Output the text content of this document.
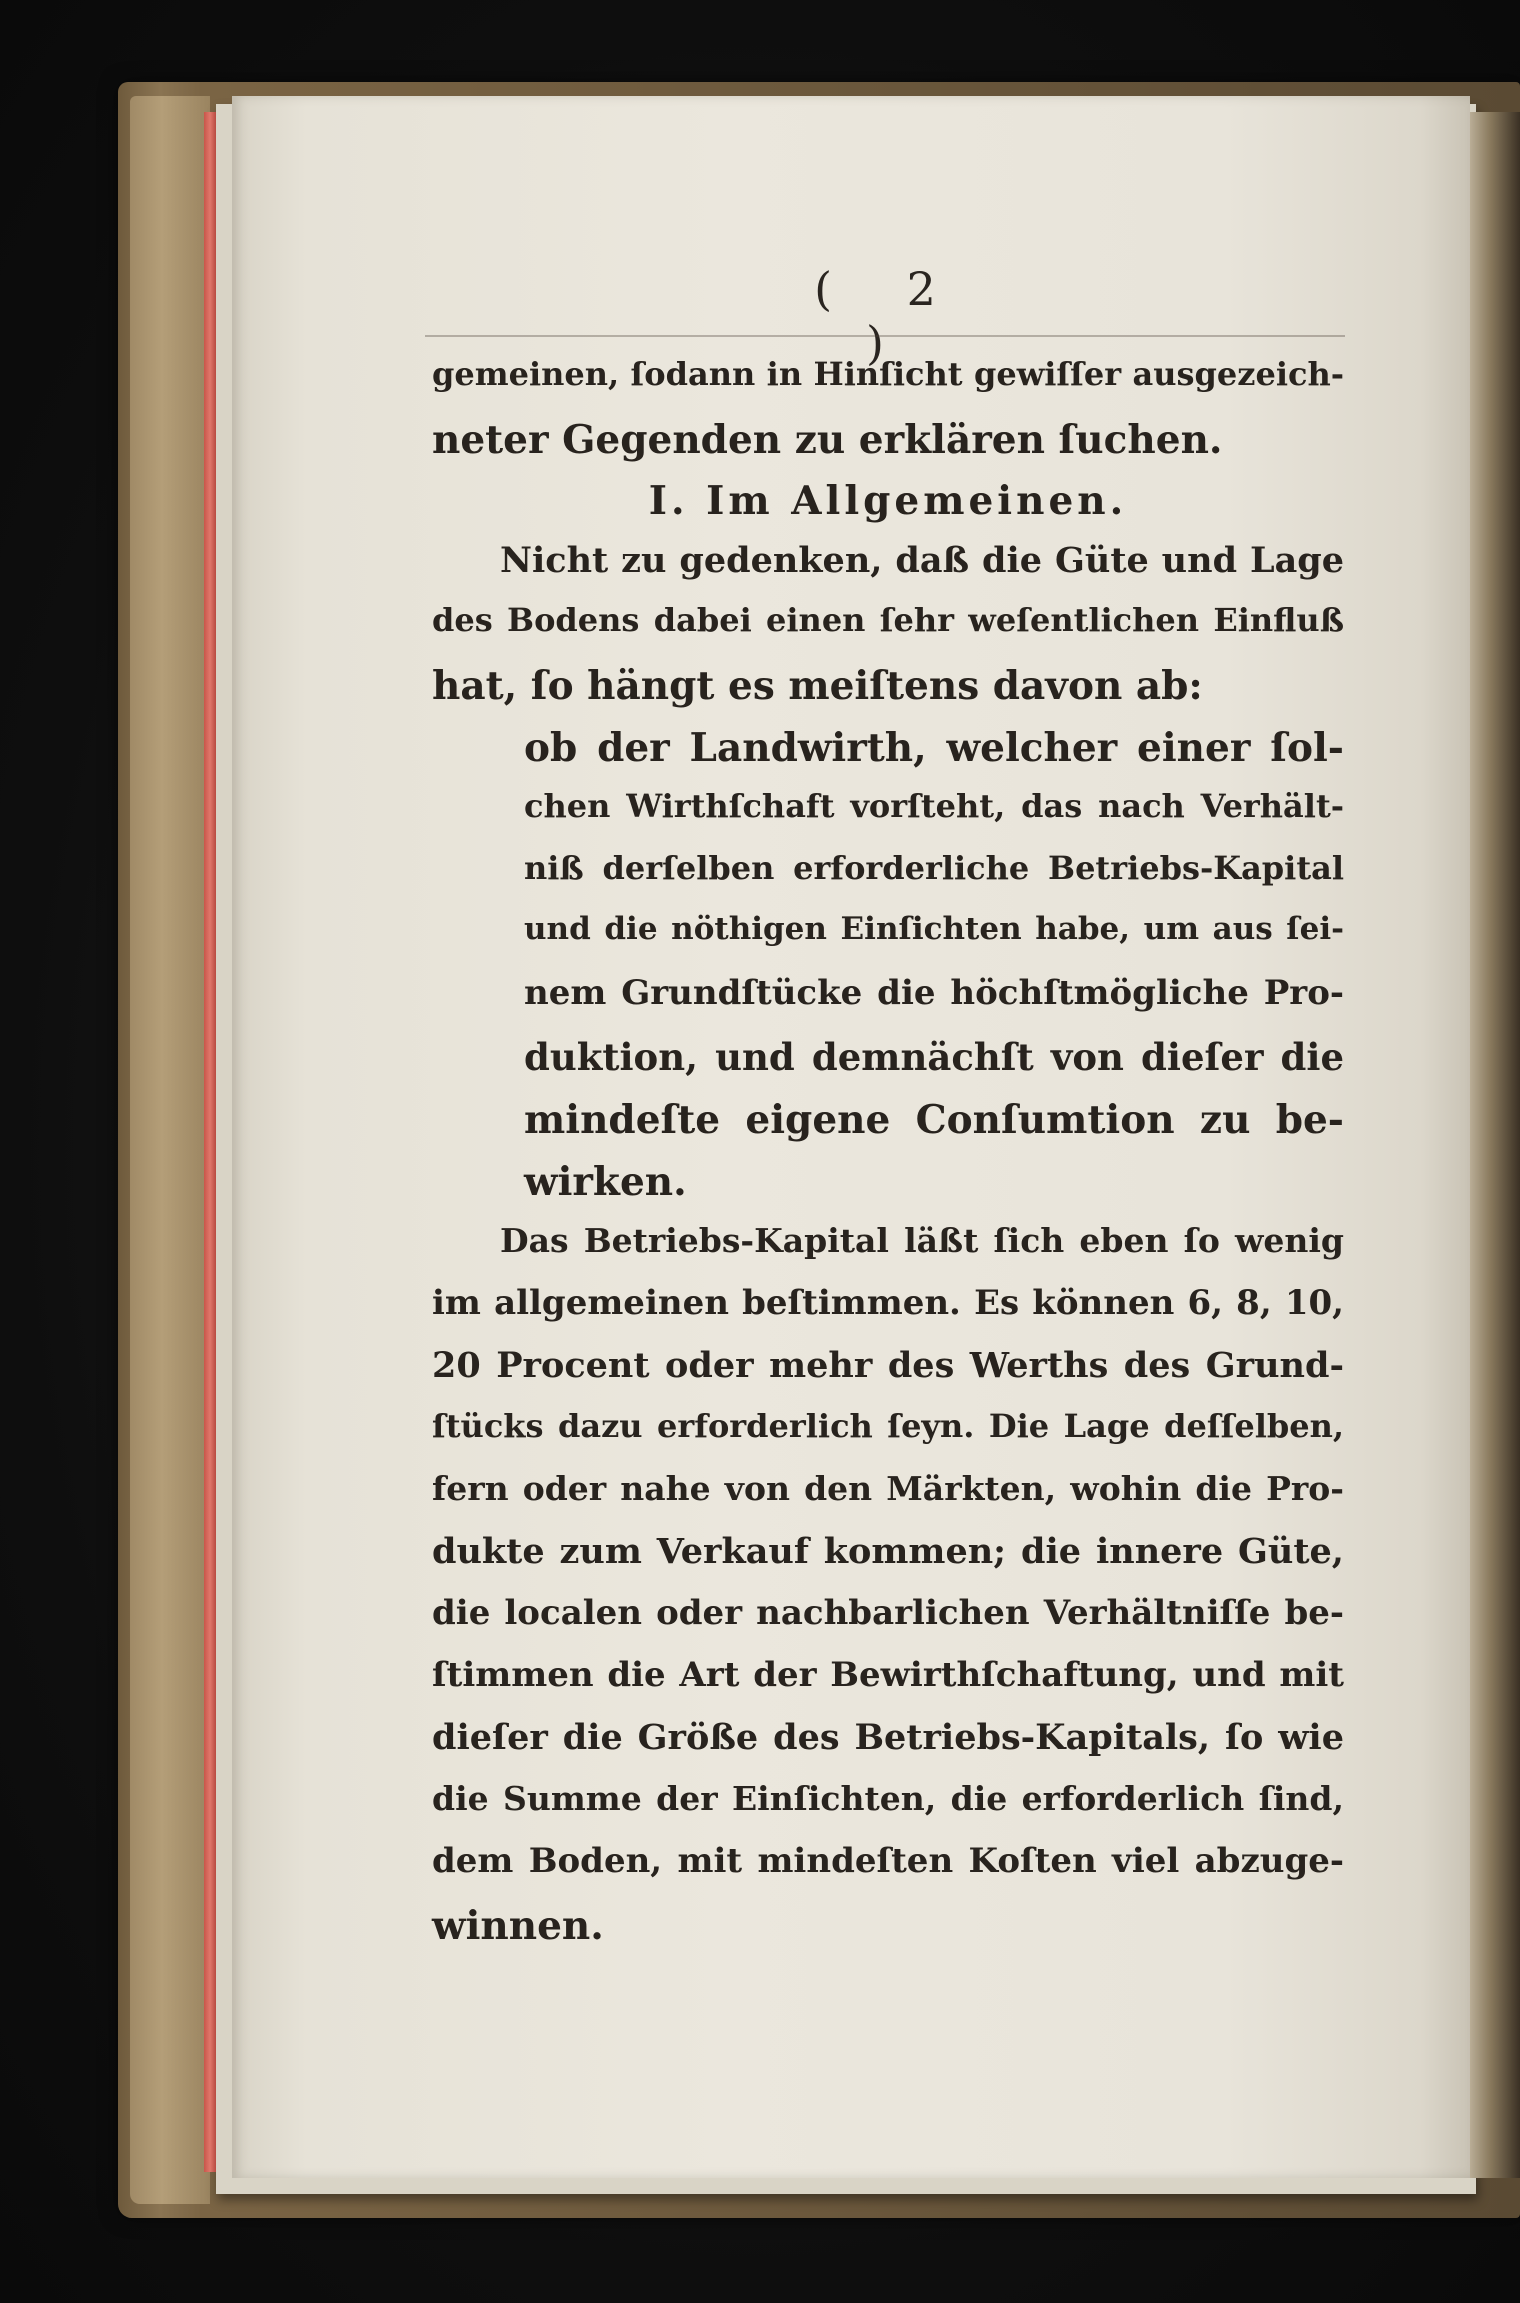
( 2 )
gemeinen, ſodann in Hinſicht gewiſſer ausgezeich-
neter Gegenden zu erklären ſuchen.
I. Im Allgemeinen.
Nicht zu gedenken, daß die Güte und Lage
des Bodens dabei einen ſehr weſentlichen Einfluß
hat, ſo hängt es meiſtens davon ab:
ob der Landwirth, welcher einer ſol-
chen Wirthſchaft vorſteht, das nach Verhält-
niß derſelben erforderliche Betriebs-Kapital
und die nöthigen Einſichten habe, um aus ſei-
nem Grundſtücke die höchſtmögliche Pro-
duktion, und demnächſt von dieſer die
mindeſte eigene Conſumtion zu be-
wirken.
Das Betriebs-Kapital läßt ſich eben ſo wenig
im allgemeinen beſtimmen. Es können 6, 8, 10,
20 Procent oder mehr des Werths des Grund-
ſtücks dazu erforderlich ſeyn. Die Lage deſſelben,
fern oder nahe von den Märkten, wohin die Pro-
dukte zum Verkauf kommen; die innere Güte,
die localen oder nachbarlichen Verhältniſſe be-
ſtimmen die Art der Bewirthſchaftung, und mit
dieſer die Größe des Betriebs-Kapitals, ſo wie
die Summe der Einſichten, die erforderlich ſind,
dem Boden, mit mindeſten Koſten viel abzuge-
winnen.
